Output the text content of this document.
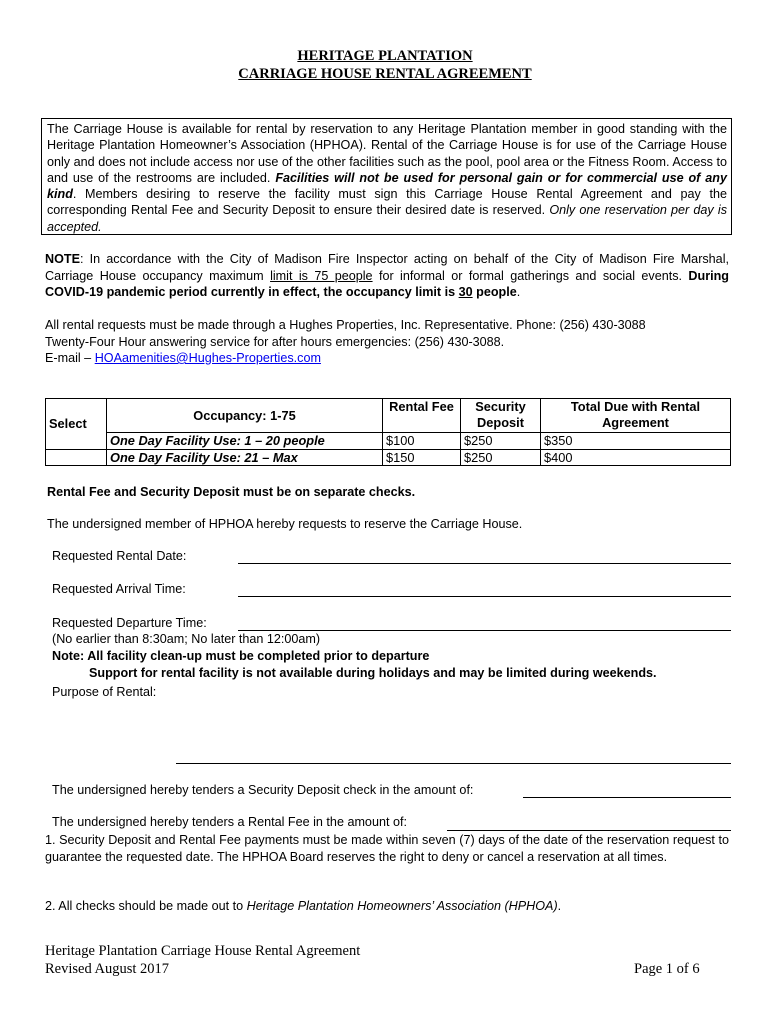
HERITAGE PLANTATION
CARRIAGE HOUSE RENTAL AGREEMENT
The Carriage House is available for rental by reservation to any Heritage Plantation member in good standing with the Heritage Plantation Homeowner’s Association (HPHOA). Rental of the Carriage House is for use of the Carriage House only and does not include access nor use of the other facilities such as the pool, pool area or the Fitness Room. Access to and use of the restrooms are included. Facilities will not be used for personal gain or for commercial use of any kind. Members desiring to reserve the facility must sign this Carriage House Rental Agreement and pay the corresponding Rental Fee and Security Deposit to ensure their desired date is reserved. Only one reservation per day is accepted.
NOTE: In accordance with the City of Madison Fire Inspector acting on behalf of the City of Madison Fire Marshal, Carriage House occupancy maximum limit is 75 people for informal or formal gatherings and social events. During COVID-19 pandemic period currently in effect, the occupancy limit is 30 people.
All rental requests must be made through a Hughes Properties, Inc. Representative. Phone: (256) 430-3088
Twenty-Four Hour answering service for after hours emergencies: (256) 430-3088.
E-mail – HOAamenities@Hughes-Properties.com
Select	Occupancy: 1-75	Rental Fee	Security Deposit	Total Due with Rental Agreement
	One Day Facility Use: 1 – 20 people	$100	$250	$350
	One Day Facility Use: 21 – Max	$150	$250	$400
Rental Fee and Security Deposit must be on separate checks.
The undersigned member of HPHOA hereby requests to reserve the Carriage House.
Requested Rental Date:
Requested Arrival Time:
Requested Departure Time:
(No earlier than 8:30am; No later than 12:00am)
Note: All facility clean-up must be completed prior to departure
Support for rental facility is not available during holidays and may be limited during weekends.
Purpose of Rental:
The undersigned hereby tenders a Security Deposit check in the amount of:
The undersigned hereby tenders a Rental Fee in the amount of:
1. Security Deposit and Rental Fee payments must be made within seven (7) days of the date of the reservation request to guarantee the requested date. The HPHOA Board reserves the right to deny or cancel a reservation at all times.
2. All checks should be made out to Heritage Plantation Homeowners’ Association (HPHOA).
Heritage Plantation Carriage House Rental Agreement
Revised August 2017	Page 1 of 6
